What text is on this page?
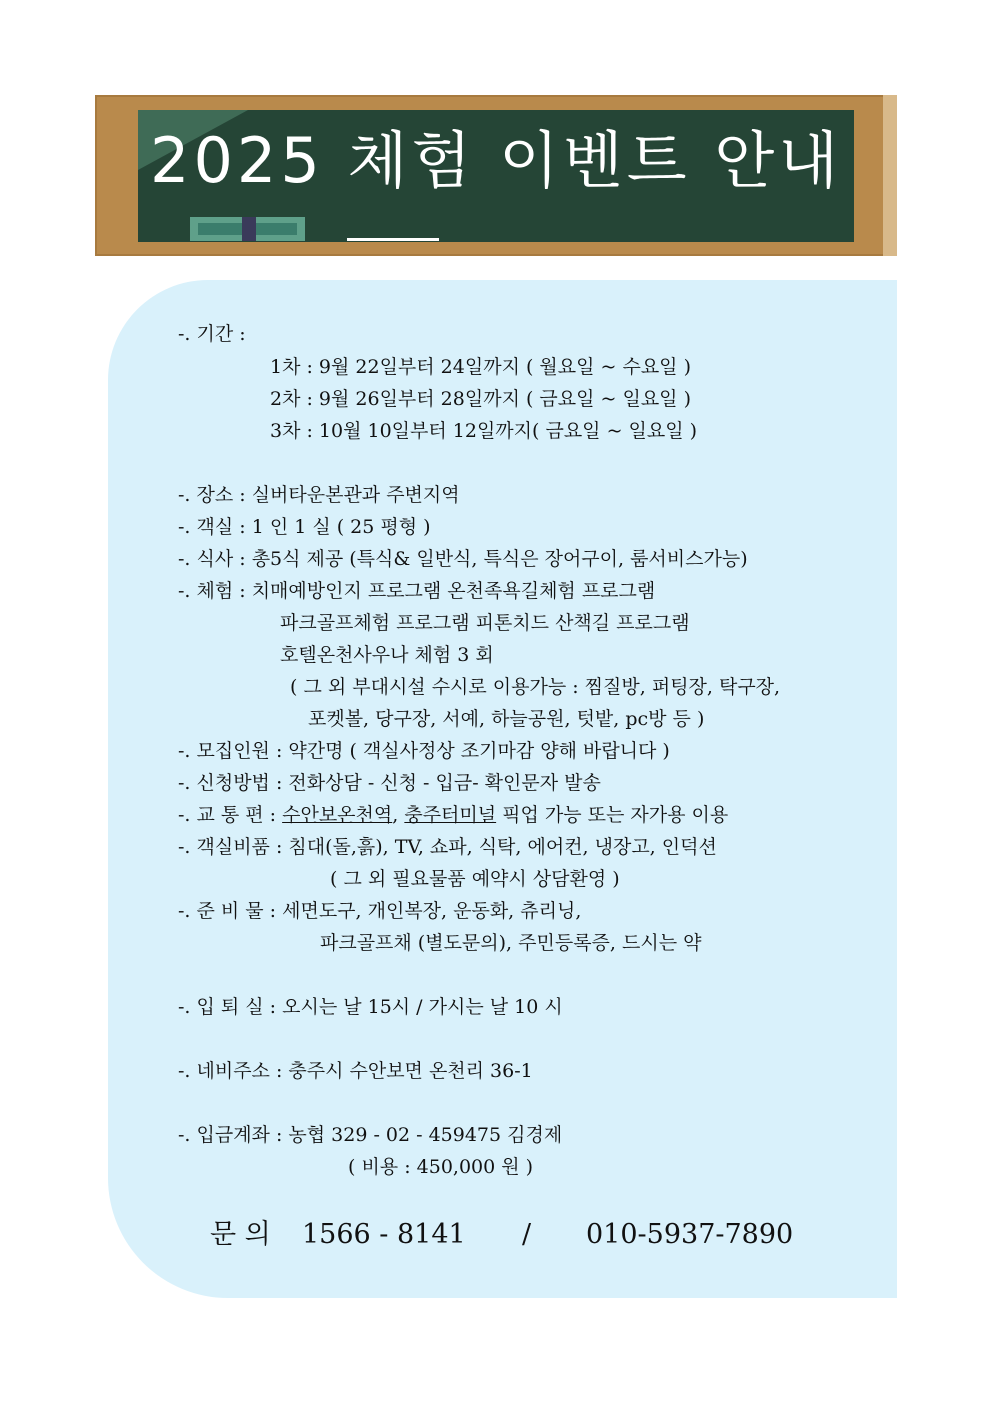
2025 체험 이벤트 안내
-. 기간 :
1차 : 9월 22일부터 24일까지 ( 월요일 ~ 수요일 )
2차 : 9월 26일부터 28일까지 ( 금요일 ~ 일요일 )
3차 : 10월 10일부터 12일까지( 금요일 ~ 일요일 )
-. 장소 : 실버타운본관과 주변지역
-. 객실 : 1 인 1 실 ( 25 평형 )
-. 식사 : 총5식 제공 (특식& 일반식, 특식은 장어구이, 룸서비스가능)
-. 체험 : 치매예방인지 프로그램 온천족욕길체험 프로그램
파크골프체험 프로그램 피톤치드 산책길 프로그램
호텔온천사우나 체험 3 회
( 그 외 부대시설 수시로 이용가능 : 찜질방, 퍼팅장, 탁구장,
포켓볼, 당구장, 서예, 하늘공원, 텃밭, pc방 등 )
-. 모집인원 : 약간명 ( 객실사정상 조기마감 양해 바랍니다 )
-. 신청방법 : 전화상담 - 신청 - 입금- 확인문자 발송
-. 교 통 편 : 수안보온천역, 충주터미널 픽업 가능 또는 자가용 이용
-. 객실비품 : 침대(돌,흙), TV, 쇼파, 식탁, 에어컨, 냉장고, 인덕션
( 그 외 필요물품 예약시 상담환영 )
-. 준 비 물 : 세면도구, 개인복장, 운동화, 츄리닝,
파크골프채 (별도문의), 주민등록증, 드시는 약
-. 입 퇴 실 : 오시는 날 15시 / 가시는 날 10 시
-. 네비주소 : 충주시 수안보면 온천리 36-1
-. 입금계좌 : 농협 329 - 02 - 459475 김경제
( 비용 : 450,000 원 )
문 의 1566 - 8141 / 010-5937-7890
